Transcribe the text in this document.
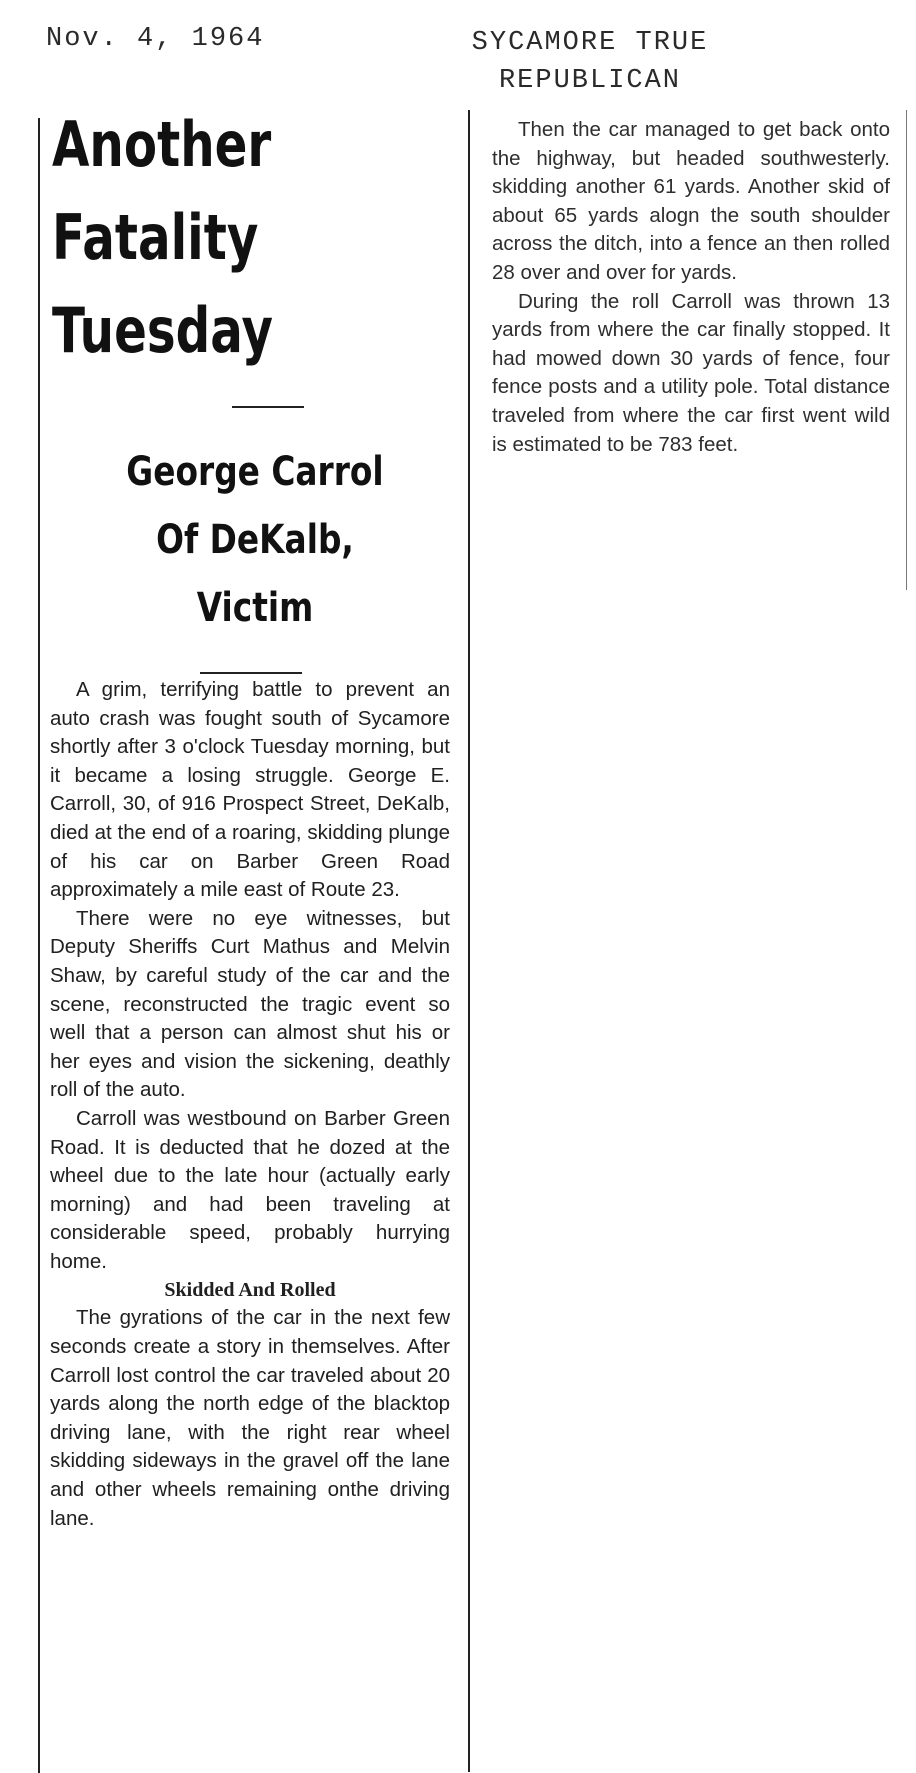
Nov. 4, 1964	SYCAMORE TRUE
REPUBLICAN
Another
Fatality
Tuesday
George Carrol
Of DeKalb,
Victim

A grim, terrifying battle to prevent an auto crash was fought south of Sycamore shortly after 3 o'clock Tuesday morning, but it became a losing struggle. George E. Carroll, 30, of 916 Prospect Street, DeKalb, died at the end of a roaring, skidding plunge of his car on Barber Green Road approximately a mile east of Route 23.

There were no eye witnesses, but Deputy Sheriffs Curt Mathus and Melvin Shaw, by careful study of the car and the scene, reconstructed the tragic event so well that a person can almost shut his or her eyes and vision the sickening, deathly roll of the auto.

Carroll was westbound on Barber Green Road. It is deducted that he dozed at the wheel due to the late hour (actually early morning) and had been traveling at considerable speed, probably hurrying home.

Skidded And Rolled

The gyrations of the car in the next few seconds create a story in themselves. After Carroll lost control the car traveled about 20 yards along the north edge of the blacktop driving lane, with the right rear wheel skidding sideways in the gravel off the lane and other wheels remaining onthe driving lane.

Then the car managed to get back onto the highway, but headed southwesterly. skidding another 61 yards. Another skid of about 65 yards alogn the south shoulder across the ditch, into a fence an then rolled 28 over and over for yards.

During the roll Carroll was thrown 13 yards from where the car finally stopped. It had mowed down 30 yards of fence, four fence posts and a utility pole. Total distance traveled from where the car first went wild is estimated to be 783 feet.
